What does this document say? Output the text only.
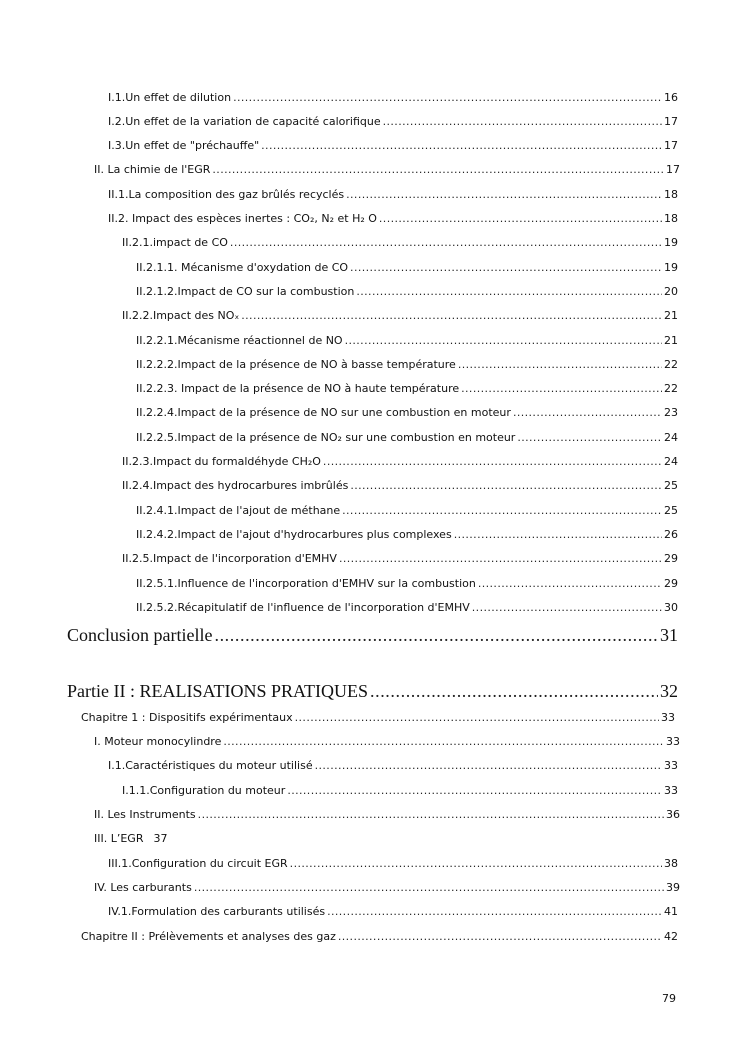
I.1.Un effet de dilution .....	16
I.2.Un effet de la variation de capacité calorifique .....	17
I.3.Un effet de "préchauffe" .....	17
II. La chimie de l'EGR .....	17
II.1.La composition des gaz brûlés recyclés .....	18
II.2. Impact des espèces inertes : CO₂, N₂ et H₂ O .....	18
II.2.1.impact de CO .....	19
II.2.1.1. Mécanisme d'oxydation de CO .....	19
II.2.1.2.Impact de CO sur la combustion .....	20
II.2.2.Impact des NOₓ .....	21
II.2.2.1.Mécanisme réactionnel de NO .....	21
II.2.2.2.Impact de la présence de NO à basse température .....	22
II.2.2.3. Impact de la présence de NO à haute température .....	22
II.2.2.4.Impact de la présence de NO sur une combustion en moteur .....	23
II.2.2.5.Impact de la présence de NO₂ sur une combustion en moteur .....	24
II.2.3.Impact du formaldéhyde CH₂O .....	24
II.2.4.Impact des hydrocarbures imbrûlés .....	25
II.2.4.1.Impact de l'ajout de méthane .....	25
II.2.4.2.Impact de l'ajout d'hydrocarbures plus complexes .....	26
II.2.5.Impact de l'incorporation d'EMHV .....	29
II.2.5.1.Influence de l'incorporation d'EMHV sur la combustion .....	29
II.2.5.2.Récapitulatif de l'influence de l'incorporation d'EMHV .....	30
Conclusion partielle .....	31
Partie II : REALISATIONS PRATIQUES .....	32
Chapitre 1 : Dispositifs expérimentaux .....	33
I. Moteur monocylindre .....	33
I.1.Caractéristiques du moteur utilisé .....	33
I.1.1.Configuration du moteur .....	33
II. Les Instruments .....	36
III. L’EGR 37
III.1.Configuration du circuit EGR .....	38
IV. Les carburants .....	39
IV.1.Formulation des carburants utilisés .....	41
Chapitre II : Prélèvements et analyses des gaz .....	42
79
